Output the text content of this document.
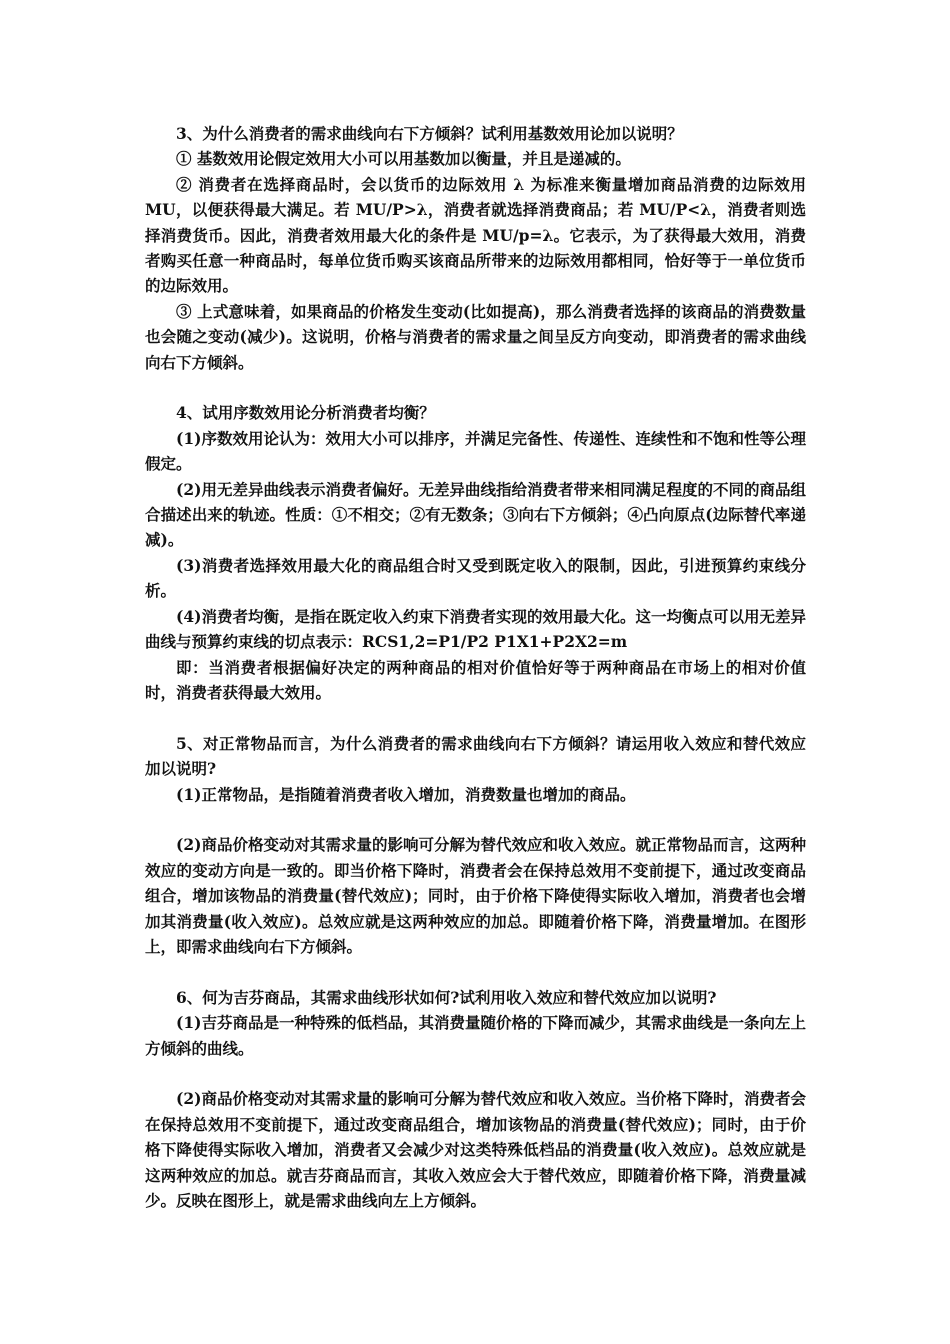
3、为什么消费者的需求曲线向右下方倾斜？试利用基数效用论加以说明？

① 基数效用论假定效用大小可以用基数加以衡量，并且是递减的。

② 消费者在选择商品时，会以货币的边际效用 λ 为标准来衡量增加商品消费的边际效用 MU，以便获得最大满足。若 MU/P>λ，消费者就选择消费商品；若 MU/P<λ，消费者则选择消费货币。因此，消费者效用最大化的条件是 MU/p=λ。它表示，为了获得最大效用，消费者购买任意一种商品时，每单位货币购买该商品所带来的边际效用都相同，恰好等于一单位货币的边际效用。

③ 上式意味着，如果商品的价格发生变动(比如提高)，那么消费者选择的该商品的消费数量也会随之变动(减少)。这说明，价格与消费者的需求量之间呈反方向变动，即消费者的需求曲线向右下方倾斜。

4、试用序数效用论分析消费者均衡？

(1)序数效用论认为：效用大小可以排序，并满足完备性、传递性、连续性和不饱和性等公理假定。

(2)用无差异曲线表示消费者偏好。无差异曲线指给消费者带来相同满足程度的不同的商品组合描述出来的轨迹。性质：①不相交；②有无数条；③向右下方倾斜；④凸向原点(边际替代率递减)。

(3)消费者选择效用最大化的商品组合时又受到既定收入的限制，因此，引进预算约束线分析。

(4)消费者均衡，是指在既定收入约束下消费者实现的效用最大化。这一均衡点可以用无差异曲线与预算约束线的切点表示：RCS1,2=P1/P2 P1X1+P2X2=m

即：当消费者根据偏好决定的两种商品的相对价值恰好等于两种商品在市场上的相对价值时，消费者获得最大效用。

5、对正常物品而言，为什么消费者的需求曲线向右下方倾斜？请运用收入效应和替代效应加以说明?

(1)正常物品，是指随着消费者收入增加，消费数量也增加的商品。

(2)商品价格变动对其需求量的影响可分解为替代效应和收入效应。就正常物品而言，这两种效应的变动方向是一致的。即当价格下降时，消费者会在保持总效用不变前提下，通过改变商品组合，增加该物品的消费量(替代效应)；同时，由于价格下降使得实际收入增加，消费者也会增加其消费量(收入效应)。总效应就是这两种效应的加总。即随着价格下降，消费量增加。在图形上，即需求曲线向右下方倾斜。

6、何为吉芬商品，其需求曲线形状如何?试利用收入效应和替代效应加以说明?

(1)吉芬商品是一种特殊的低档品，其消费量随价格的下降而减少，其需求曲线是一条向左上方倾斜的曲线。

(2)商品价格变动对其需求量的影响可分解为替代效应和收入效应。当价格下降时，消费者会在保持总效用不变前提下，通过改变商品组合，增加该物品的消费量(替代效应)；同时，由于价格下降使得实际收入增加，消费者又会减少对这类特殊低档品的消费量(收入效应)。总效应就是这两种效应的加总。就吉芬商品而言，其收入效应会大于替代效应，即随着价格下降，消费量减少。反映在图形上，就是需求曲线向左上方倾斜。
